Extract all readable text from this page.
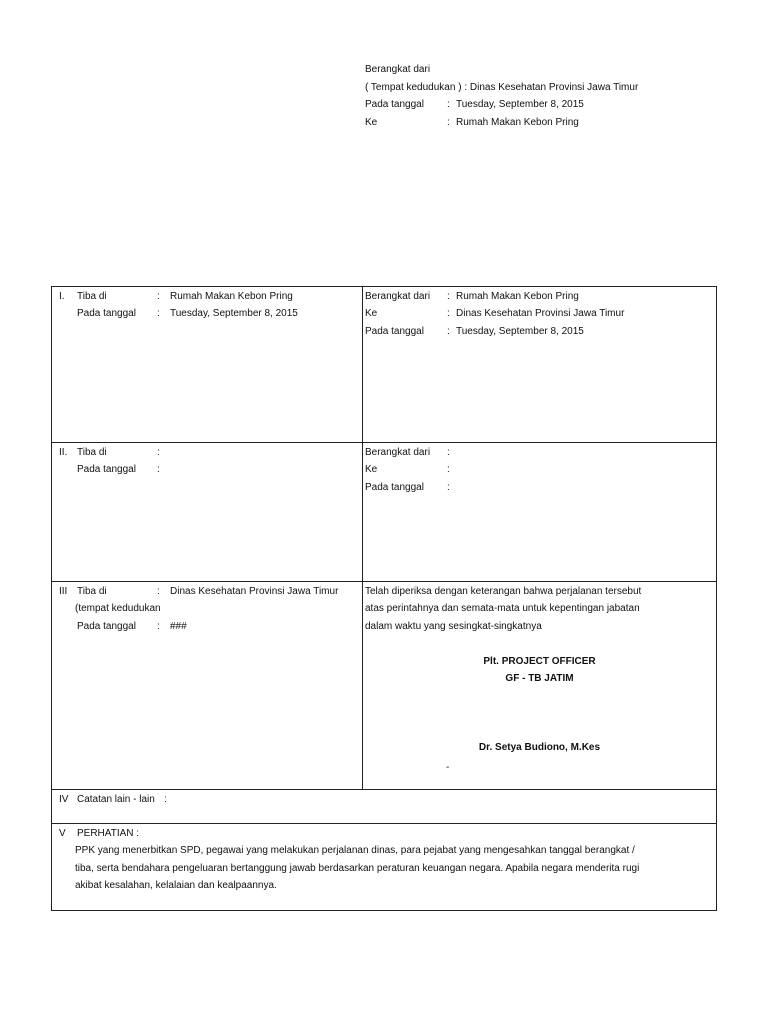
Berangkat dari
( Tempat kedudukan ) : Dinas Kesehatan Provinsi Jawa Timur
Pada tanggal : Tuesday, September 8, 2015
Ke	: Rumah Makan Kebon Pring
I. Tiba di	: Rumah Makan Kebon Pring
Pada tanggal : Tuesday, September 8, 2015
Berangkat dari : Rumah Makan Kebon Pring
Ke	: Dinas Kesehatan Provinsi Jawa Timur
Pada tanggal : Tuesday, September 8, 2015
II. Tiba di	:
Pada tanggal :
Berangkat dari :
Ke	:
Pada tanggal :
III Tiba di	: Dinas Kesehatan Provinsi Jawa Timur
(tempat kedudukan
Pada tanggal : ###
Telah diperiksa dengan keterangan bahwa perjalanan tersebut
atas perintahnya dan semata-mata untuk kepentingan jabatan
dalam waktu yang sesingkat-singkatnya
Plt. PROJECT OFFICER
GF - TB JATIM
Dr. Setya Budiono, M.Kes
-
IV Catatan lain - lain :
V PERHATIAN :
PPK yang menerbitkan SPD, pegawai yang melakukan perjalanan dinas, para pejabat yang mengesahkan tanggal berangkat /
tiba, serta bendahara pengeluaran bertanggung jawab berdasarkan peraturan keuangan negara. Apabila negara menderita rugi
akibat kesalahan, kelalaian dan kealpaannya.
